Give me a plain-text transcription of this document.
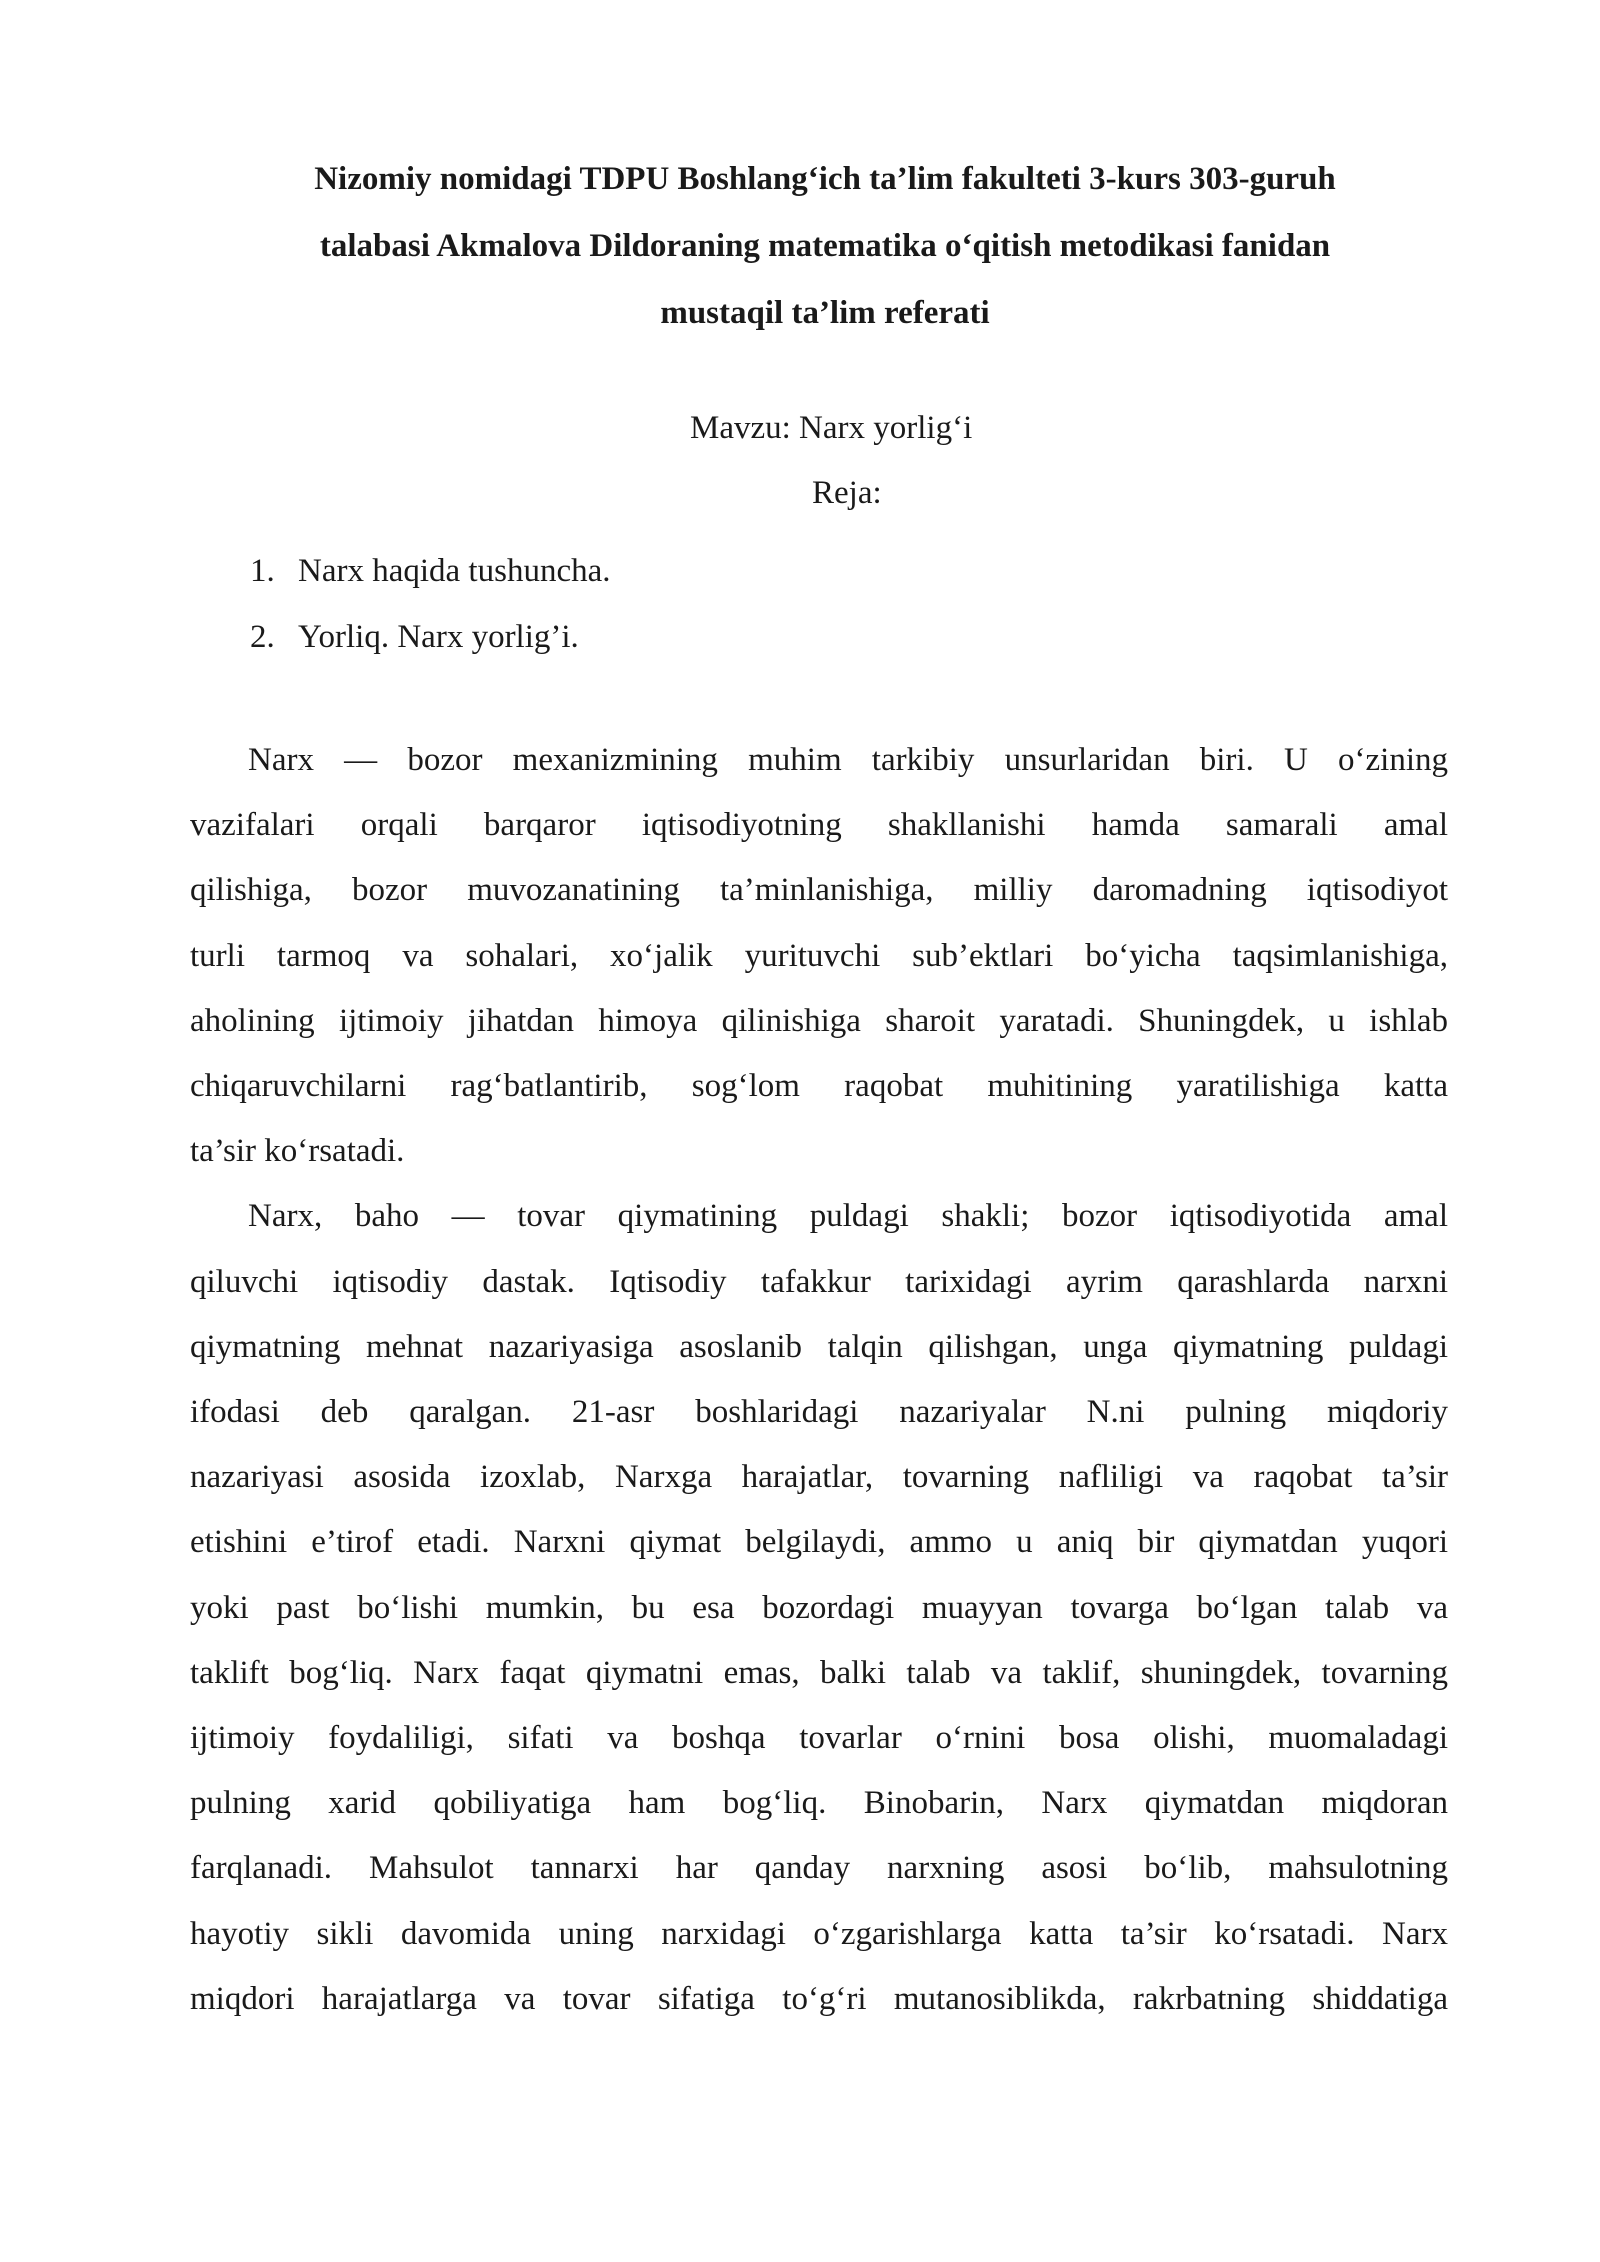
Nizomiy nomidagi TDPU Boshlang‘ich ta’lim fakulteti 3-kurs 303-guruh
talabasi Akmalova Dildoraning matematika o‘qitish metodikasi fanidan
mustaqil ta’lim referati
Mavzu: Narx yorlig‘i
Reja:
1. Narx haqida tushuncha.
2. Yorliq. Narx yorlig’i.
Narx — bozor mexanizmining muhim tarkibiy unsurlaridan biri. U o‘zining
vazifalari orqali barqaror iqtisodiyotning shakllanishi hamda samarali amal
qilishiga, bozor muvozanatining ta’minlanishiga, milliy daromadning iqtisodiyot
turli tarmoq va sohalari, xo‘jalik yurituvchi sub’ektlari bo‘yicha taqsimlanishiga,
aholining ijtimoiy jihatdan himoya qilinishiga sharoit yaratadi. Shuningdek, u ishlab
chiqaruvchilarni rag‘batlantirib, sog‘lom raqobat muhitining yaratilishiga katta
ta’sir ko‘rsatadi.
Narx, baho — tovar qiymatining puldagi shakli; bozor iqtisodiyotida amal
qiluvchi iqtisodiy dastak. Iqtisodiy tafakkur tarixidagi ayrim qarashlarda narxni
qiymatning mehnat nazariyasiga asoslanib talqin qilishgan, unga qiymatning puldagi
ifodasi deb qaralgan. 21-asr boshlaridagi nazariyalar N.ni pulning miqdoriy
nazariyasi asosida izoxlab, Narxga harajatlar, tovarning nafliligi va raqobat ta’sir
etishini e’tirof etadi. Narxni qiymat belgilaydi, ammo u aniq bir qiymatdan yuqori
yoki past bo‘lishi mumkin, bu esa bozordagi muayyan tovarga bo‘lgan talab va
taklift bog‘liq. Narx faqat qiymatni emas, balki talab va taklif, shuningdek, tovarning
ijtimoiy foydaliligi, sifati va boshqa tovarlar o‘rnini bosa olishi, muomaladagi
pulning xarid qobiliyatiga ham bog‘liq. Binobarin, Narx qiymatdan miqdoran
farqlanadi. Mahsulot tannarxi har qanday narxning asosi bo‘lib, mahsulotning
hayotiy sikli davomida uning narxidagi o‘zgarishlarga katta ta’sir ko‘rsatadi. Narx
miqdori harajatlarga va tovar sifatiga to‘g‘ri mutanosiblikda, rakrbatning shiddatiga
